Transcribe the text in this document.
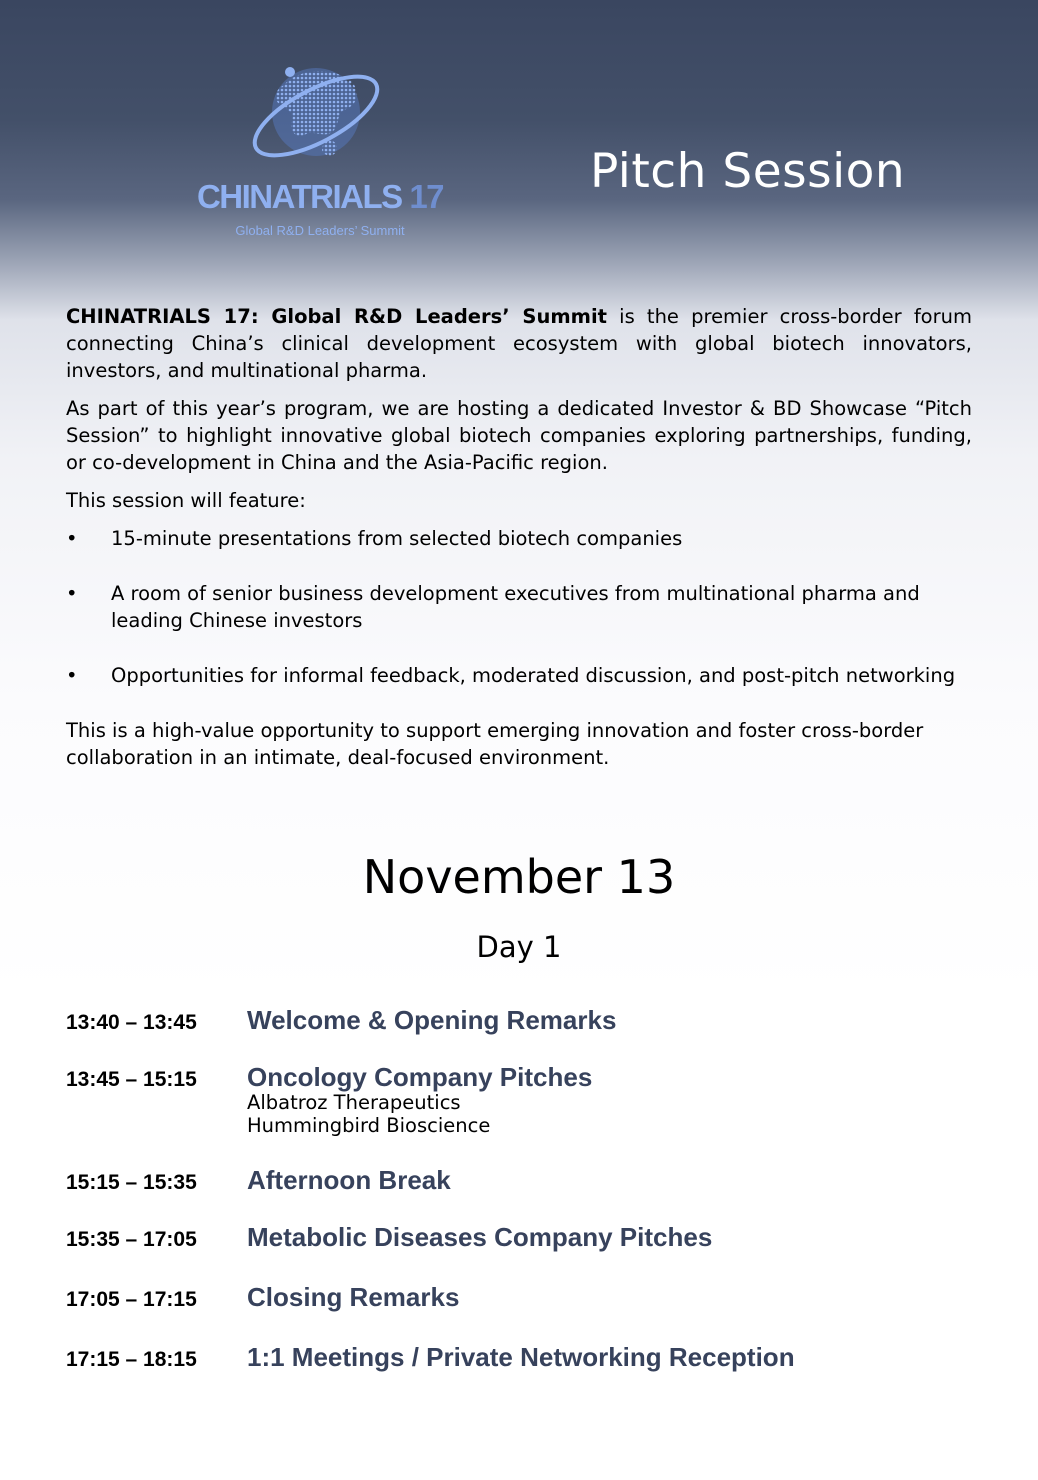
CHINATRIALS 17
Global R&D Leaders’ Summit
Pitch Session

CHINATRIALS 17: Global R&D Leaders’ Summit is the premier cross-border forum connecting China’s clinical development ecosystem with global biotech innovators, investors, and multinational pharma.

As part of this year’s program, we are hosting a dedicated Investor & BD Showcase “Pitch Session” to highlight innovative global biotech companies exploring partnerships, funding, or co-development in China and the Asia-Pacific region.

This session will feature:

• 15-minute presentations from selected biotech companies
• A room of senior business development executives from multinational pharma and leading Chinese investors
• Opportunities for informal feedback, moderated discussion, and post-pitch networking

This is a high-value opportunity to support emerging innovation and foster cross-border collaboration in an intimate, deal-focused environment.

November 13
Day 1
13:40 – 13:45 Welcome & Opening Remarks
13:45 – 15:15 Oncology Company Pitches
Albatroz Therapeutics
Hummingbird Bioscience
15:15 – 15:35 Afternoon Break
15:35 – 17:05 Metabolic Diseases Company Pitches
17:05 – 17:15 Closing Remarks
17:15 – 18:15 1:1 Meetings / Private Networking Reception
